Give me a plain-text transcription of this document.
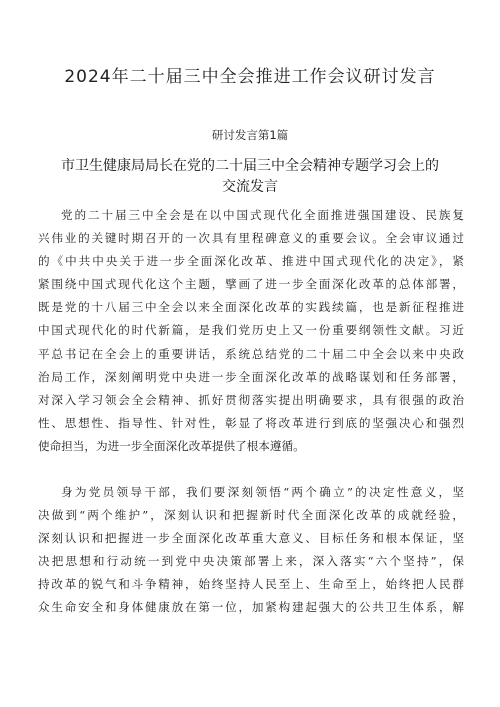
2024年二十届三中全会推进工作会议研讨发言
研讨发言第1篇
市卫生健康局局长在党的二十届三中全会精神专题学习会上的
交流发言
党的二十届三中全会是在以中国式现代化全面推进强国建设、民族复
兴伟业的关键时期召开的一次具有里程碑意义的重要会议。全会审议通过
的《中共中央关于进一步全面深化改革、推进中国式现代化的决定》，紧
紧围绕中国式现代化这个主题，擘画了进一步全面深化改革的总体部署，
既是党的十八届三中全会以来全面深化改革的实践续篇，也是新征程推进
中国式现代化的时代新篇，是我们党历史上又一份重要纲领性文献。习近
平总书记在全会上的重要讲话，系统总结党的二十届二中全会以来中央政
治局工作，深刻阐明党中央进一步全面深化改革的战略谋划和任务部署，
对深入学习领会全会精神、抓好贯彻落实提出明确要求，具有很强的政治
性、思想性、指导性、针对性，彰显了将改革进行到底的坚强决心和强烈
使命担当，为进一步全面深化改革提供了根本遵循。
身为党员领导干部，我们要深刻领悟“两个确立”的决定性意义，坚
决做到“两个维护”，深刻认识和把握新时代全面深化改革的成就经验，
深刻认识和把握进一步全面深化改革重大意义、目标任务和根本保证，坚
决把思想和行动统一到党中央决策部署上来，深入落实“六个坚持”，保
持改革的锐气和斗争精神，始终坚持人民至上、生命至上，始终把人民群
众生命安全和身体健康放在第一位，加紧构建起强大的公共卫生体系，解
